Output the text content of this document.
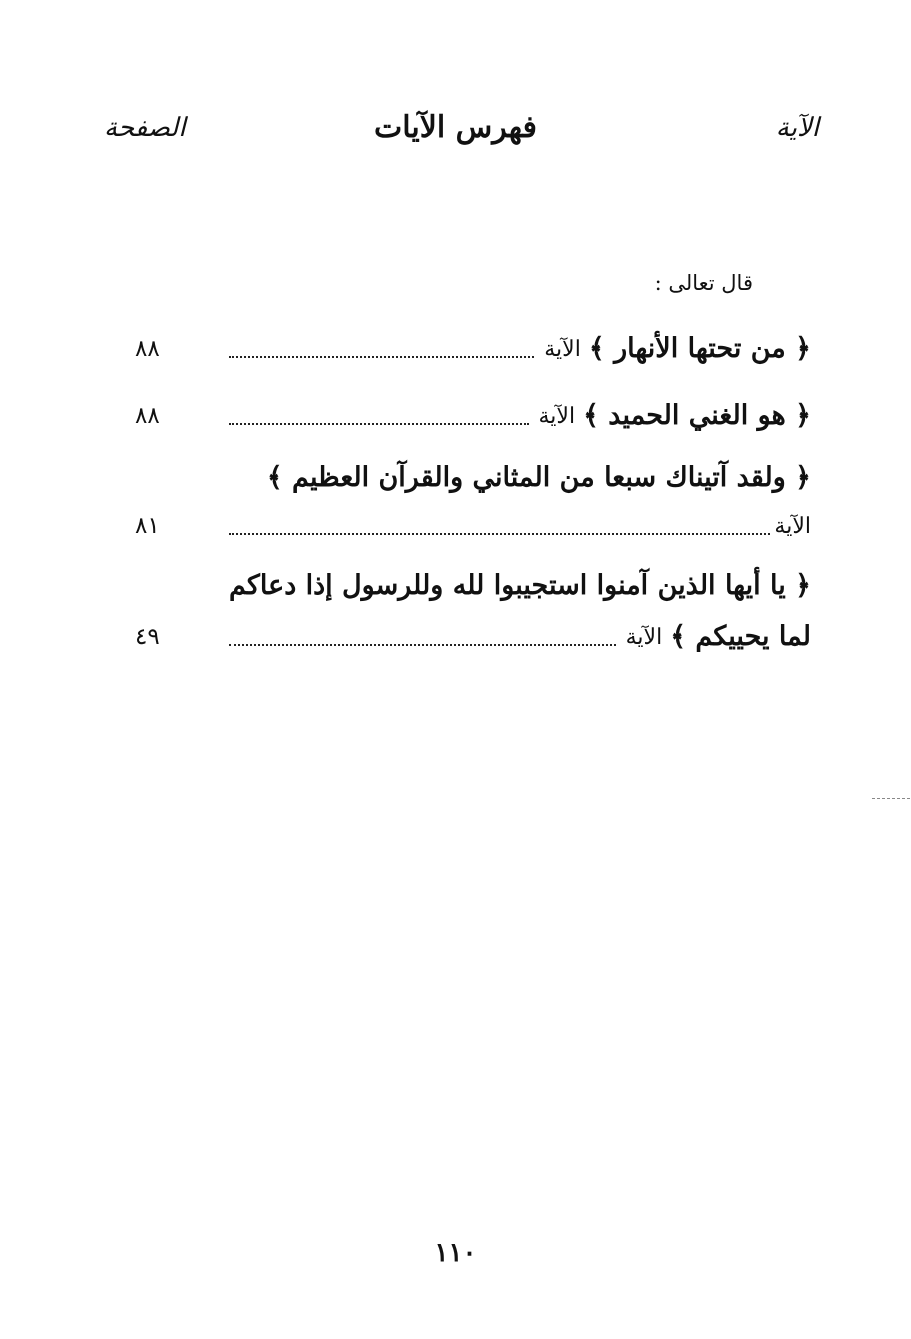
الآية
فهرس الآيات
الصفحة
قال تعالى :
﴿ من تحتها الأنهار ﴾
الآية
٨٨
﴿ هو الغني الحميد ﴾
الآية
٨٨
﴿ ولقد آتيناك سبعا من المثاني والقرآن العظيم ﴾
الآية
٨١
﴿ يا أيها الذين آمنوا استجيبوا لله وللرسول إذا دعاكم
لما يحييكم ﴾
الآية
٤٩
١١٠
